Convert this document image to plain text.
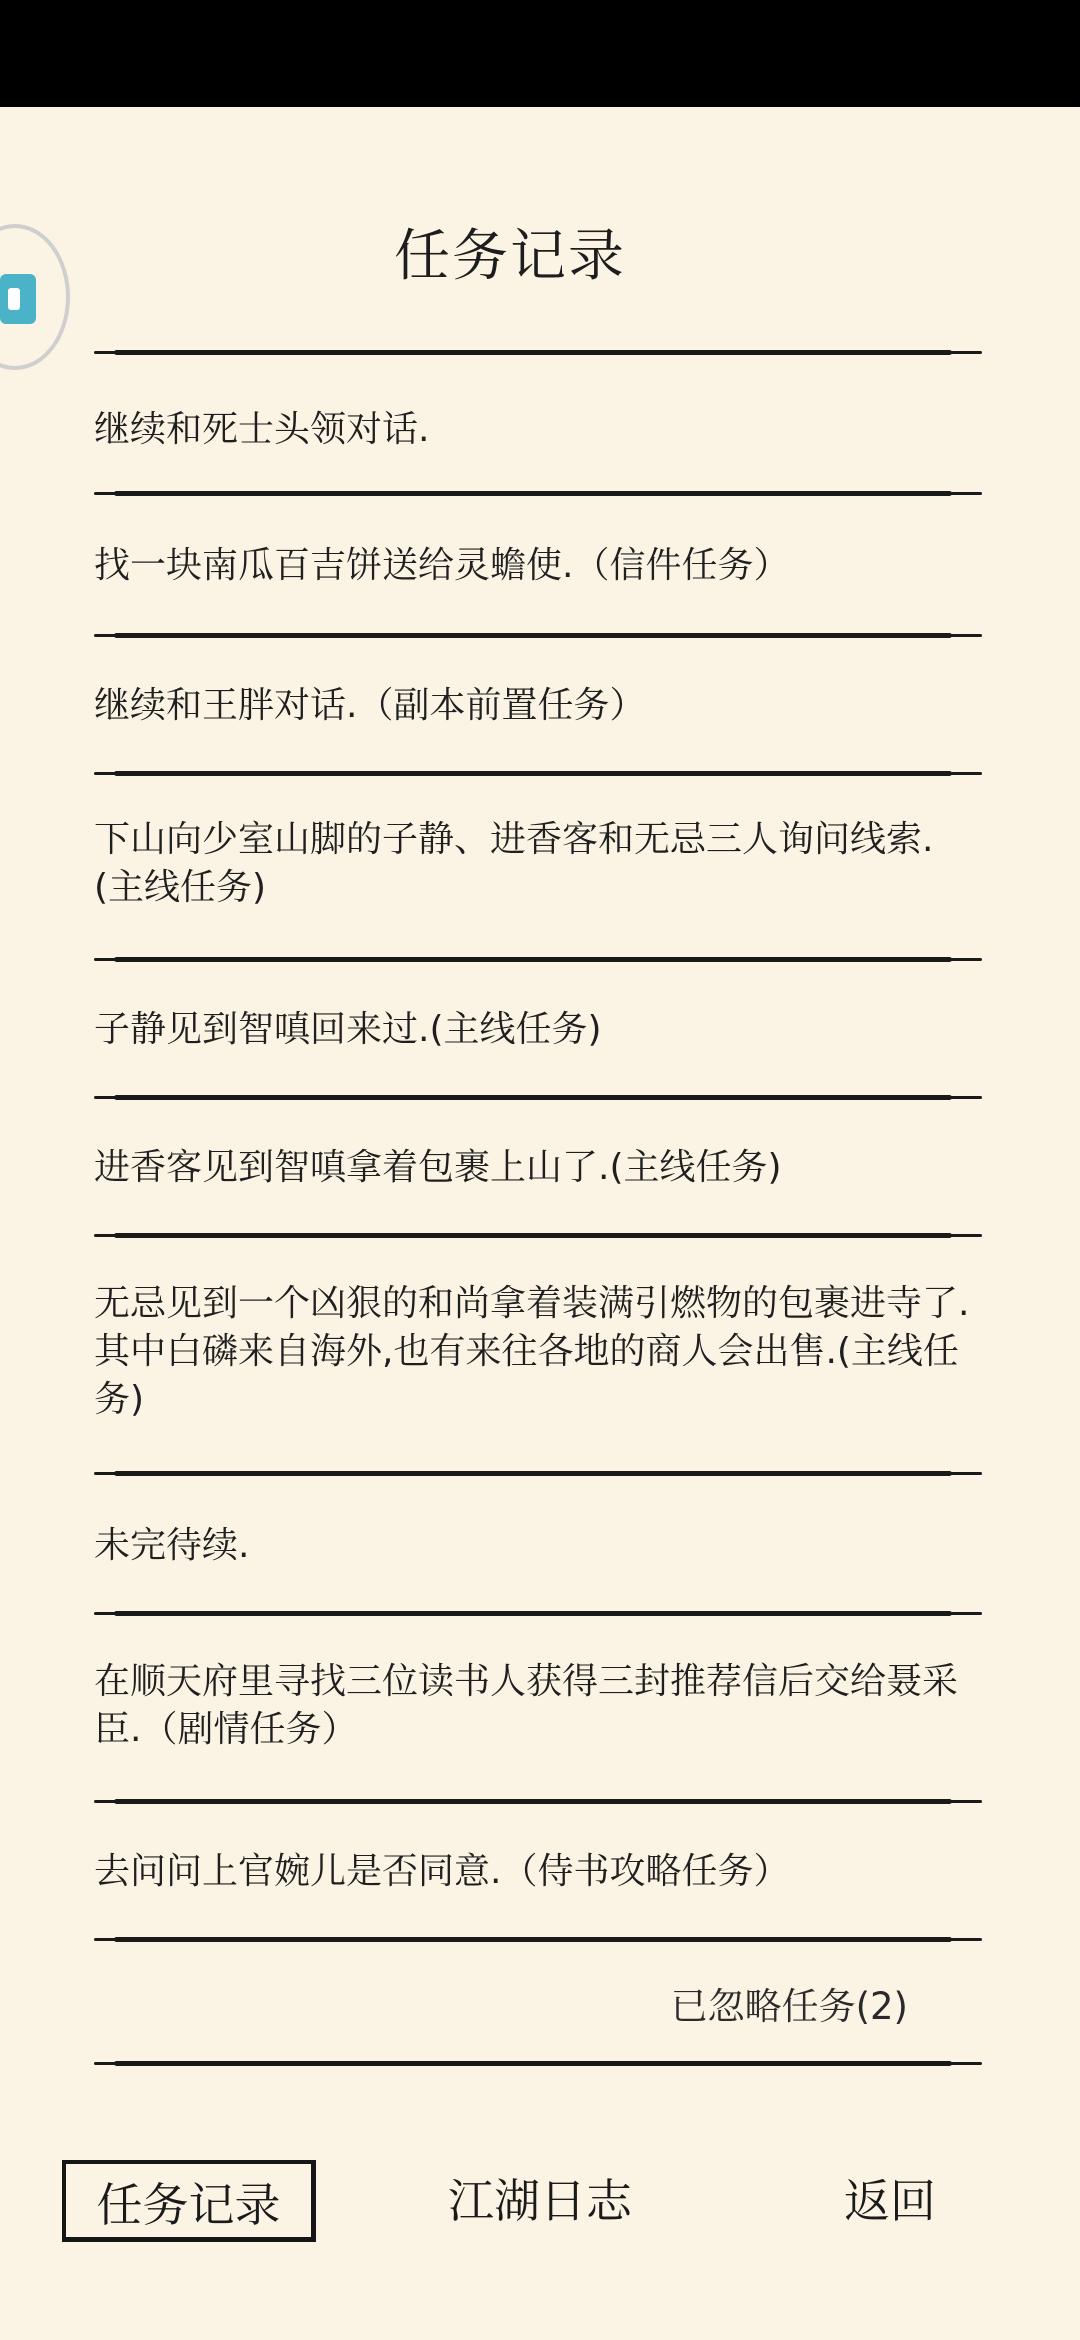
任务记录
继续和死士头领对话.
找一块南瓜百吉饼送给灵蟾使.（信件任务）
继续和王胖对话.（副本前置任务）
下山向少室山脚的子静、进香客和无忌三人询问线索.(主线任务)
子静见到智嗔回来过.(主线任务)
进香客见到智嗔拿着包裹上山了.(主线任务)
无忌见到一个凶狠的和尚拿着装满引燃物的包裹进寺了.其中白磷来自海外,也有来往各地的商人会出售.(主线任务)
未完待续.
在顺天府里寻找三位读书人获得三封推荐信后交给聂采臣.（剧情任务）
去问问上官婉儿是否同意.（侍书攻略任务）
已忽略任务(2)
任务记录	江湖日志	返回
